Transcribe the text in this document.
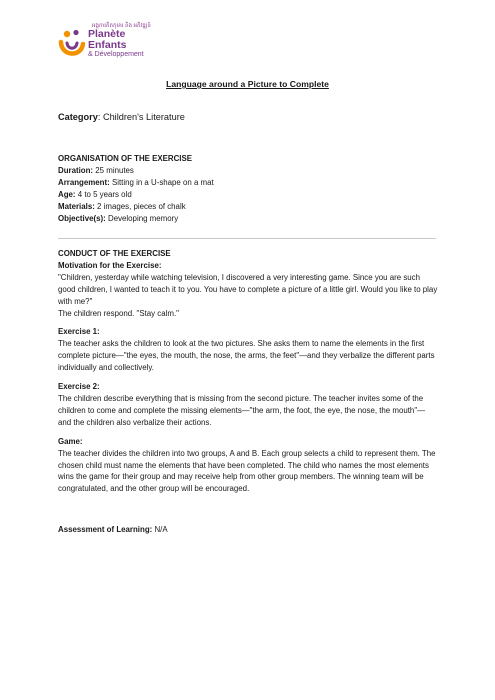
អង្គការភិតកុមារ និង អភិវឌ្ឍន៍
Planète
Enfants
& Développement
Language around a Picture to Complete
Category: Children's Literature
ORGANISATION OF THE EXERCISE
Duration: 25 minutes
Arrangement: Sitting in a U-shape on a mat
Age: 4 to 5 years old
Materials: 2 images, pieces of chalk
Objective(s): Developing memory
CONDUCT OF THE EXERCISE
Motivation for the Exercise:

"Children, yesterday while watching television, I discovered a very interesting game. Since you are such good children, I wanted to teach it to you. You have to complete a picture of a little girl. Would you like to play with me?"

The children respond. "Stay calm."

Exercise 1:

The teacher asks the children to look at the two pictures. She asks them to name the elements in the first complete picture—"the eyes, the mouth, the nose, the arms, the feet"—and they verbalize the different parts individually and collectively.

Exercise 2:

The children describe everything that is missing from the second picture. The teacher invites some of the children to come and complete the missing elements—"the arm, the foot, the eye, the nose, the mouth"—and the children also verbalize their actions.

Game:

The teacher divides the children into two groups, A and B. Each group selects a child to represent them. The chosen child must name the elements that have been completed. The child who names the most elements wins the game for their group and may receive help from other group members. The winning team will be congratulated, and the other group will be encouraged.

Assessment of Learning: N/A
